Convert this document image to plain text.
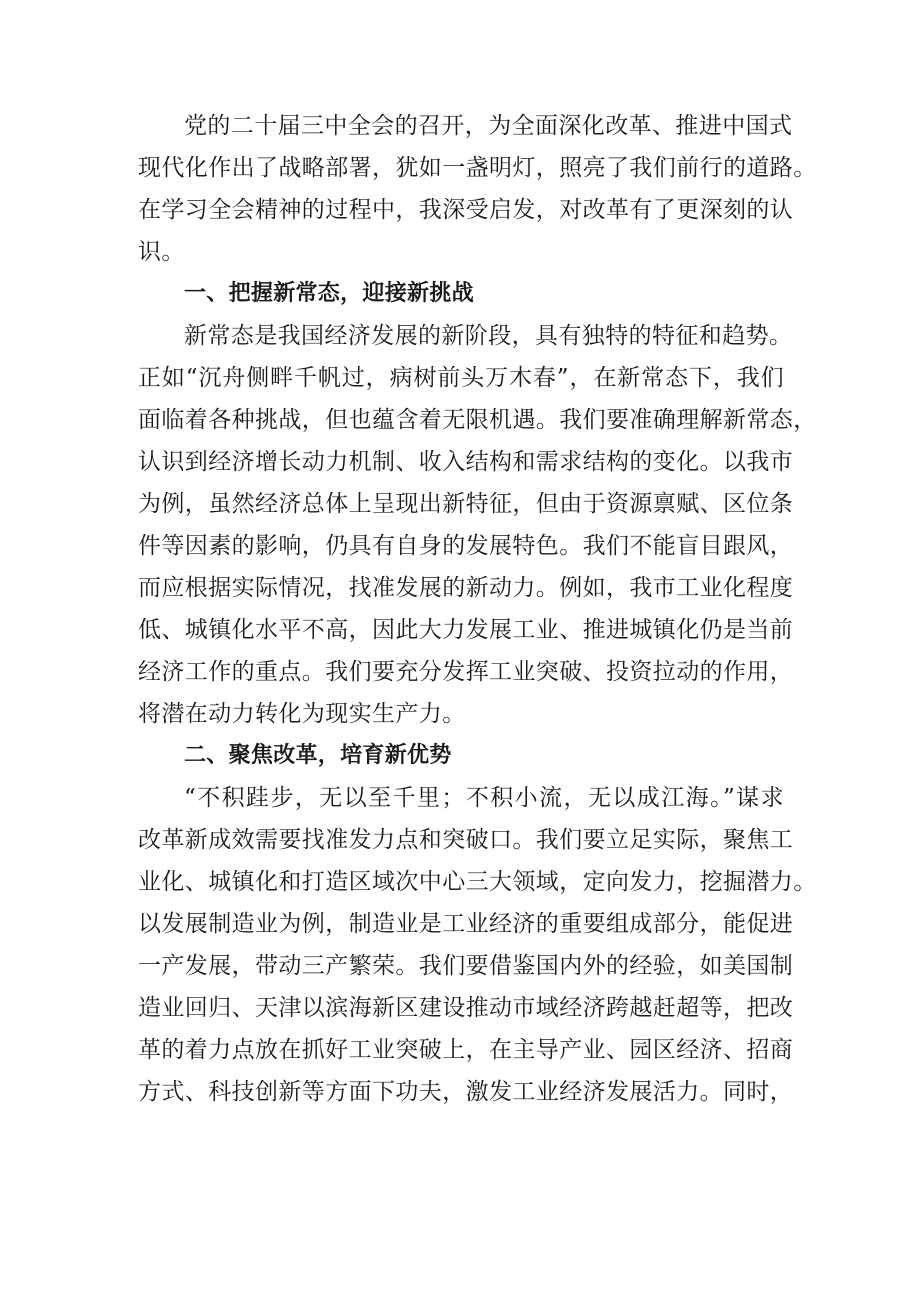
党的二十届三中全会的召开，为全面深化改革、推进中国式
现代化作出了战略部署，犹如一盏明灯，照亮了我们前行的道路。
在学习全会精神的过程中，我深受启发，对改革有了更深刻的认
识。
一、把握新常态，迎接新挑战
新常态是我国经济发展的新阶段，具有独特的特征和趋势。
正如“沉舟侧畔千帆过，病树前头万木春”，在新常态下，我们
面临着各种挑战，但也蕴含着无限机遇。我们要准确理解新常态，
认识到经济增长动力机制、收入结构和需求结构的变化。以我市
为例，虽然经济总体上呈现出新特征，但由于资源禀赋、区位条
件等因素的影响，仍具有自身的发展特色。我们不能盲目跟风，
而应根据实际情况，找准发展的新动力。例如，我市工业化程度
低、城镇化水平不高，因此大力发展工业、推进城镇化仍是当前
经济工作的重点。我们要充分发挥工业突破、投资拉动的作用，
将潜在动力转化为现实生产力。
二、聚焦改革，培育新优势
“不积跬步，无以至千里；不积小流，无以成江海。”谋求
改革新成效需要找准发力点和突破口。我们要立足实际，聚焦工
业化、城镇化和打造区域次中心三大领域，定向发力，挖掘潜力。
以发展制造业为例，制造业是工业经济的重要组成部分，能促进
一产发展，带动三产繁荣。我们要借鉴国内外的经验，如美国制
造业回归、天津以滨海新区建设推动市域经济跨越赶超等，把改
革的着力点放在抓好工业突破上，在主导产业、园区经济、招商
方式、科技创新等方面下功夫，激发工业经济发展活力。同时，
